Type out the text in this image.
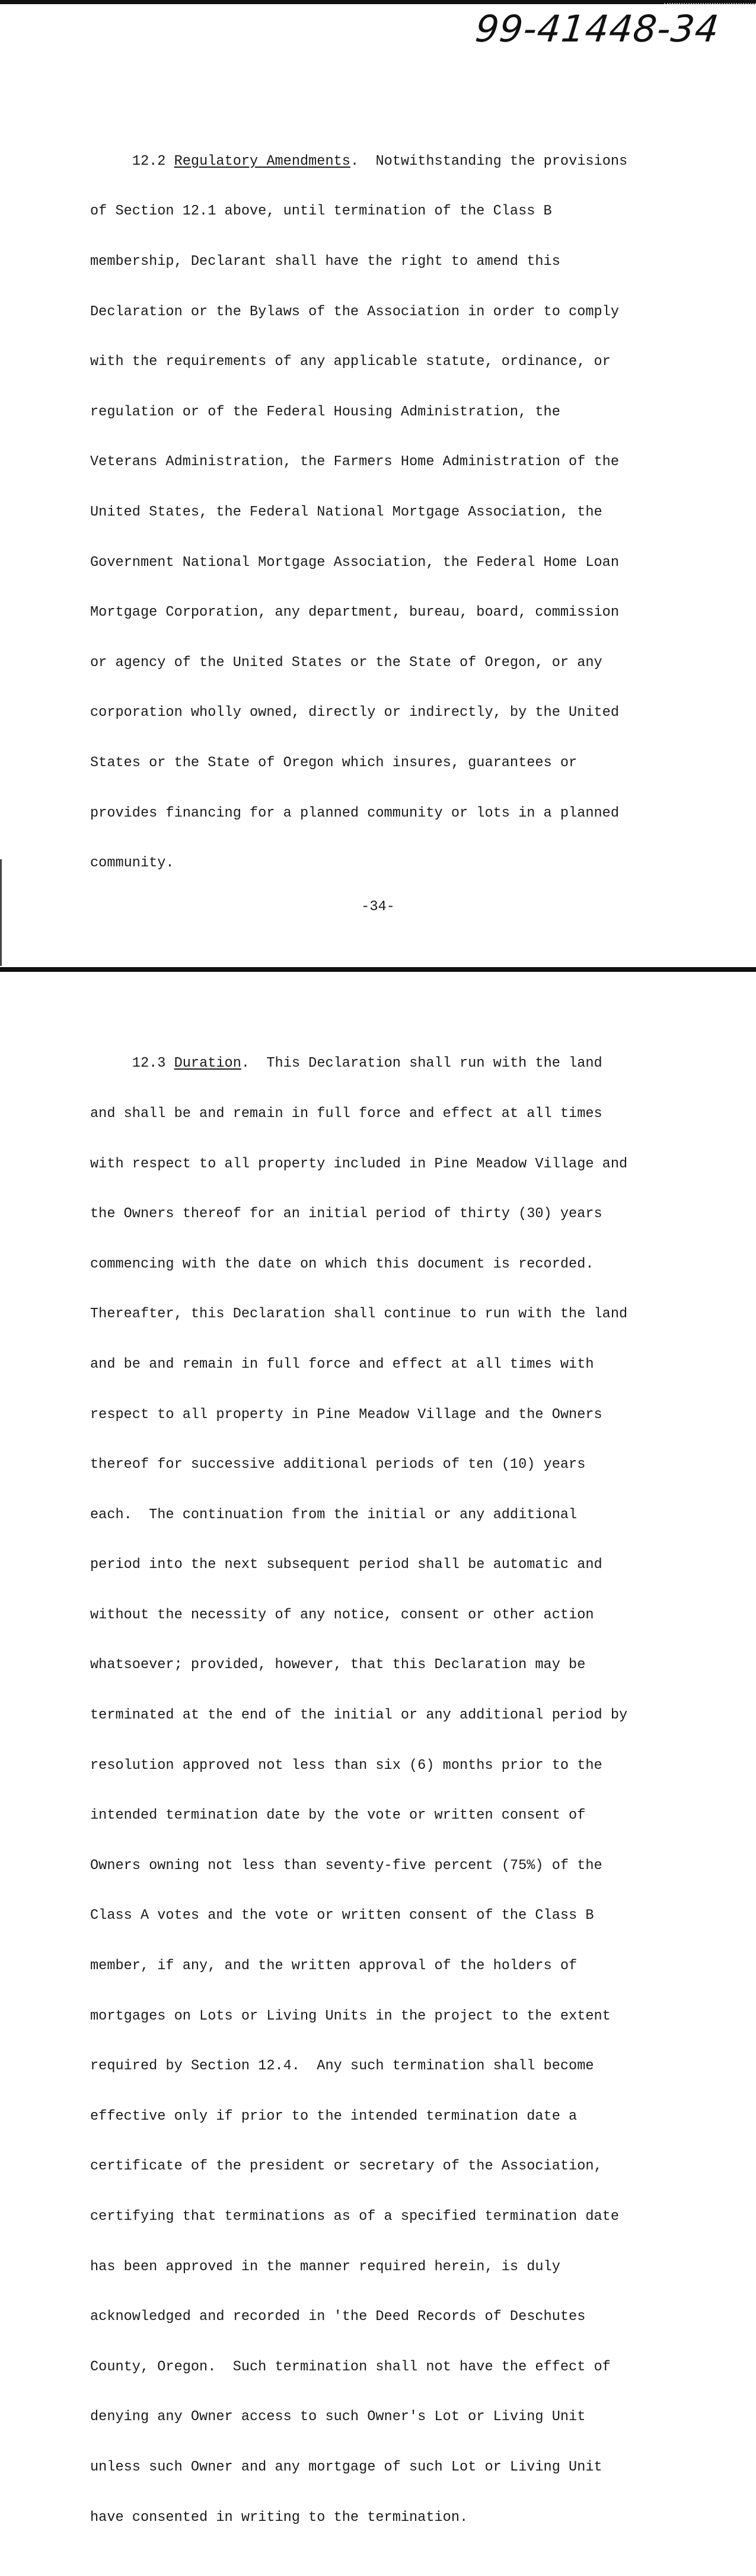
99-41448-34

12.2 Regulatory Amendments.  Notwithstanding the provisions

of Section 12.1 above, until termination of the Class B

membership, Declarant shall have the right to amend this

Declaration or the Bylaws of the Association in order to comply

with the requirements of any applicable statute, ordinance, or

regulation or of the Federal Housing Administration, the

Veterans Administration, the Farmers Home Administration of the

United States, the Federal National Mortgage Association, the

Government National Mortgage Association, the Federal Home Loan

Mortgage Corporation, any department, bureau, board, commission

or agency of the United States or the State of Oregon, or any

corporation wholly owned, directly or indirectly, by the United

States or the State of Oregon which insures, guarantees or

provides financing for a planned community or lots in a planned

community.

12.3 Duration.  This Declaration shall run with the land

and shall be and remain in full force and effect at all times

with respect to all property included in Pine Meadow Village and

the Owners thereof for an initial period of thirty (30) years

commencing with the date on which this document is recorded.

Thereafter, this Declaration shall continue to run with the land

and be and remain in full force and effect at all times with

respect to all property in Pine Meadow Village and the Owners

thereof for successive additional periods of ten (10) years

each.  The continuation from the initial or any additional

period into the next subsequent period shall be automatic and

without the necessity of any notice, consent or other action

whatsoever; provided, however, that this Declaration may be

terminated at the end of the initial or any additional period by

resolution approved not less than six (6) months prior to the

intended termination date by the vote or written consent of

Owners owning not less than seventy-five percent (75%) of the

Class A votes and the vote or written consent of the Class B

member, if any, and the written approval of the holders of

mortgages on Lots or Living Units in the project to the extent

required by Section 12.4.  Any such termination shall become

effective only if prior to the intended termination date a

certificate of the president or secretary of the Association,

certifying that terminations as of a specified termination date

has been approved in the manner required herein, is duly

acknowledged and recorded in 'the Deed Records of Deschutes

County, Oregon.  Such termination shall not have the effect of

denying any Owner access to such Owner's Lot or Living Unit

unless such Owner and any mortgage of such Lot or Living Unit

have consented in writing to the termination.

-34-
